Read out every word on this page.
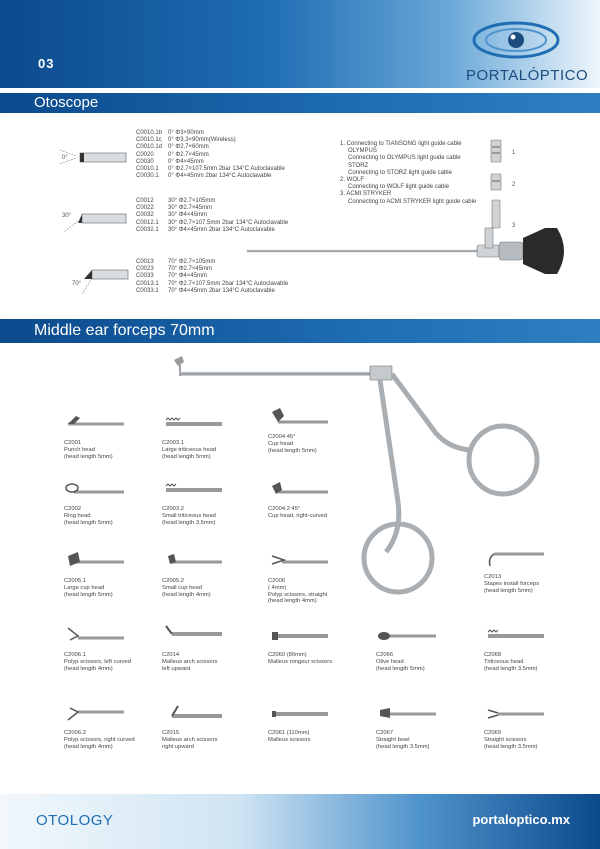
03
PORTALÓPTICO
Otoscope
0°
30°
70°
C0010.1b 0° Φ3×90mm
C0010.1c 0° Φ3.3×90mm(Wireless)
C0010.1d 0° Φ2.7×60mm
C0020 0° Φ2.7×45mm
C0030 0° Φ4×45mm
C0010.1 0° Φ2.7×107.5mm 2bar 134°C Autoclavable
C0030.1 0° Φ4×45mm 2bar 134°C Autoclavable
C0012 30° Φ2.7×105mm
C0022 30° Φ2.7×45mm
C0032 30° Φ4×45mm
C0012.1 30° Φ2.7×107.5mm 2bar 134°C Autoclavable
C0032.1 30° Φ4×45mm 2bar 134°C Autoclavable
C0013 70° Φ2.7×105mm
C0023 70° Φ2.7×45mm
C0033 70° Φ4×45mm
C0013.1 70° Φ2.7×107.5mm 2bar 134°C Autoclavable
C0033.1 70° Φ4×45mm 2bar 134°C Autoclavable
1. Connecting to TIANSONG light guide cable
OLYMPUS
Connecting to OLYMPUS light guide cable
STORZ
Connecting to STORZ light guide cable
2. WOLF
Connecting to WOLF light guide cable
3. ACMI STRYKER
Connecting to ACMI STRYKER light guide cable
1
2
3
Middle ear forceps 70mm
C2001
Punch head
(head length 5mm)
C2003.1
Large triticeous head
(head length 5mm)
C2004 45°
Cup head
(head length 5mm)
C2002
Ring head
(head length 5mm)
C2003.2
Small triticeous head
(head length 3.5mm)
C2004.2 45°
Cup head, right-curved
C2005.1
Large cup head
(head length 5mm)
C2005.2
Small cup head
(head length 4mm)
C2006
( 4mm)
Polyp scissors, straight
(head length 4mm)
C2013
Stapes install forceps
(head length 5mm)
C2006.1
Polyp scissors, left curved
(head length 4mm)
C2014
Malleus arch scissors
left upward
C2060 (80mm)
Malleus rongeur scissors
C2066
Olive head
(head length 5mm)
C2068
Triticeous head
(head length 3.5mm)
C2006.2
Polyp scissors, right curved
(head length 4mm)
C2015
Malleus arch scissors
right upward
C2061 (110mm)
Malleus scissors
C2067
Straight bowl
(head length 3.5mm)
C2069
Straight scissors
(head length 3.5mm)
OTOLOGY	portaloptico.mx
